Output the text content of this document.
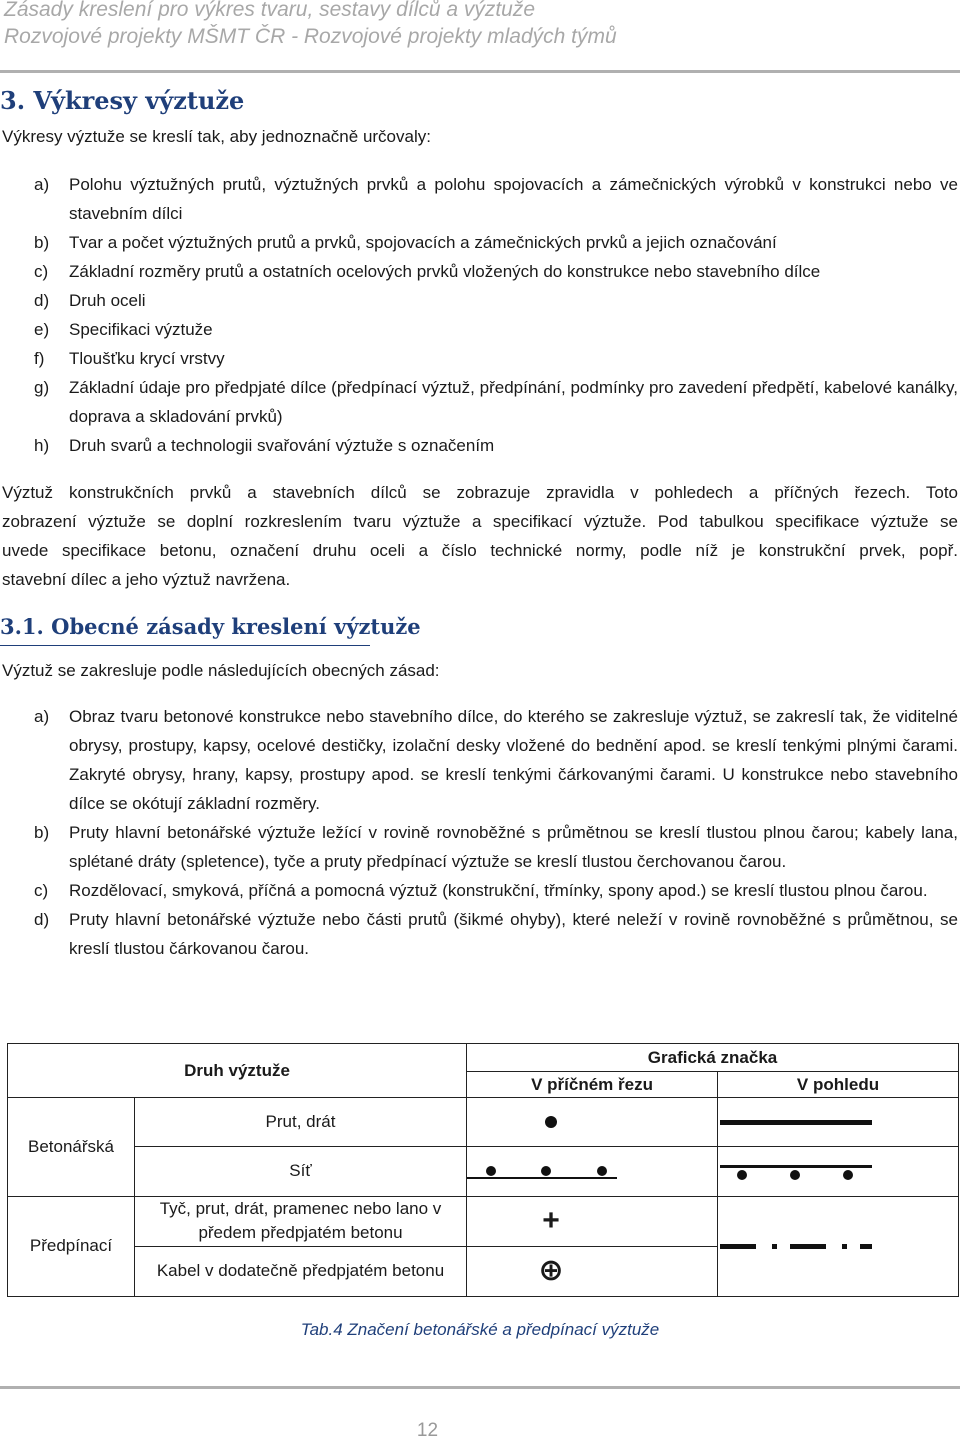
Zásady kreslení pro výkres tvaru, sestavy dílců a výztuže
Rozvojové projekty MŠMT ČR - Rozvojové projekty mladých týmů
3. Výkresy výztuže
Výkresy výztuže se kreslí tak, aby jednoznačně určovaly:
a) Polohu výztužných prutů, výztužných prvků a polohu spojovacích a zámečnických výrobků v konstrukci nebo ve stavebním dílci
b) Tvar a počet výztužných prutů a prvků, spojovacích a zámečnických prvků a jejich označování
c) Základní rozměry prutů a ostatních ocelových prvků vložených do konstrukce nebo stavebního dílce
d) Druh oceli
e) Specifikaci výztuže
f) Tloušťku krycí vrstvy
g) Základní údaje pro předpjaté dílce (předpínací výztuž, předpínání, podmínky pro zavedení předpětí, kabelové kanálky, doprava a skladování prvků)
h) Druh svarů a technologii svařování výztuže s označením
Výztuž konstrukčních prvků a stavebních dílců se zobrazuje zpravidla v pohledech a příčných řezech. Toto
zobrazení výztuže se doplní rozkreslením tvaru výztuže a specifikací výztuže. Pod tabulkou specifikace výztuže se
uvede specifikace betonu, označení druhu oceli a číslo technické normy, podle níž je konstrukční prvek, popř.
stavební dílec a jeho výztuž navržena.
3.1. Obecné zásady kreslení výztuže
Výztuž se zakresluje podle následujících obecných zásad:
a) Obraz tvaru betonové konstrukce nebo stavebního dílce, do kterého se zakresluje výztuž, se zakreslí tak, že viditelné obrysy, prostupy, kapsy, ocelové destičky, izolační desky vložené do bednění apod. se kreslí tenkými plnými čarami. Zakryté obrysy, hrany, kapsy, prostupy apod. se kreslí tenkými čárkovanými čarami. U konstrukce nebo stavebního dílce se okótují základní rozměry.
b) Pruty hlavní betonářské výztuže ležící v rovině rovnoběžné s průmětnou se kreslí tlustou plnou čarou; kabely lana, splétané dráty (spletence), tyče a pruty předpínací výztuže se kreslí tlustou čerchovanou čarou.
c) Rozdělovací, smyková, příčná a pomocná výztuž (konstrukční, třmínky, spony apod.) se kreslí tlustou plnou čarou.
d) Pruty hlavní betonářské výztuže nebo části prutů (šikmé ohyby), které neleží v rovině rovnoběžné s průmětnou, se kreslí tlustou čárkovanou čarou.
Druh výztuže		Grafická značka	
		V příčném řezu	V pohledu
Betonářská	Prut, drát	

	Síť	

Předpínací	Tyč, prut, drát, pramenec nebo lano v předem předpjatém betonu	+

	Kabel v dodatečně předpjatém betonu	⊕	
Tab.4 Značení betonářské a předpínací výztuže
12
